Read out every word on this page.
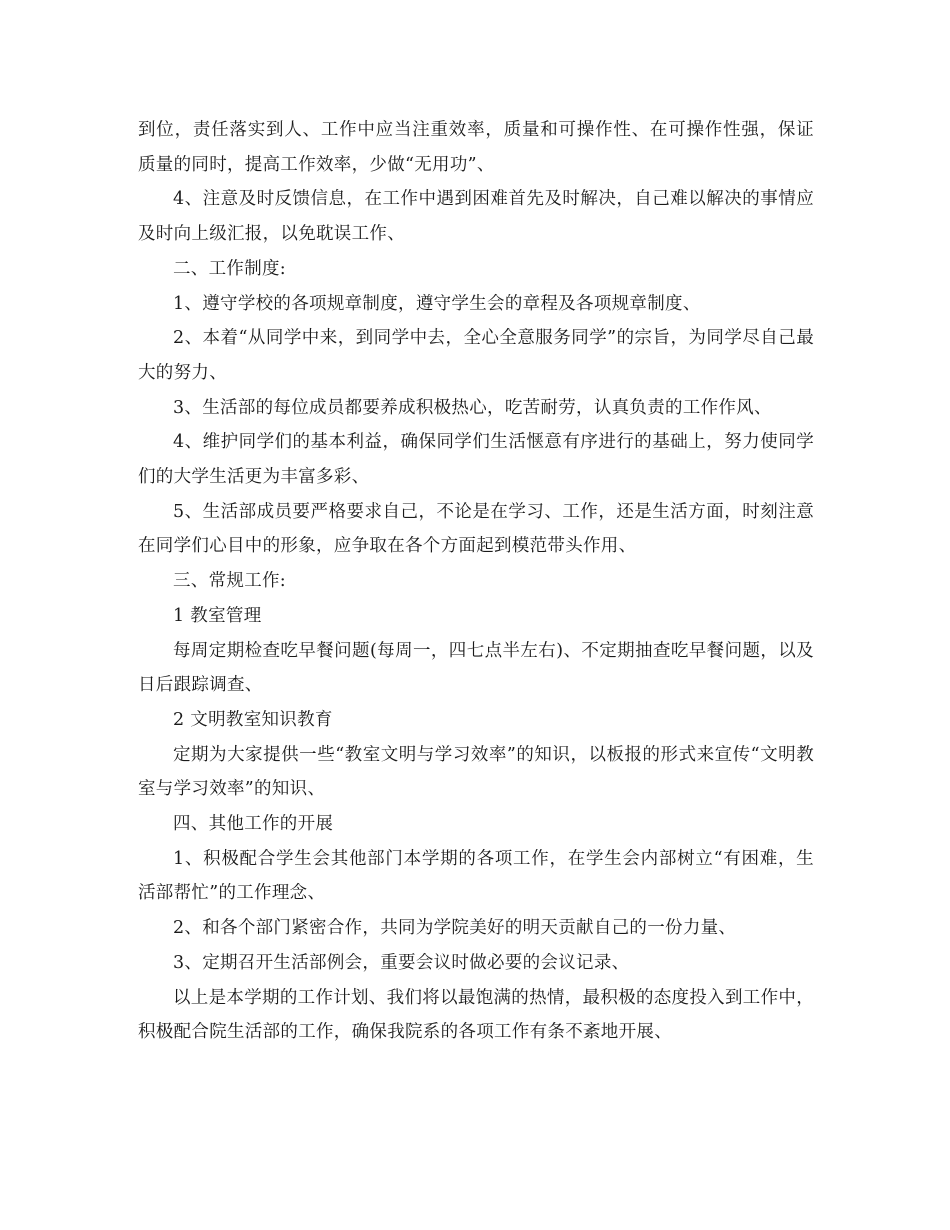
到位，责任落实到人、工作中应当注重效率，质量和可操作性、在可操作性强，保证质量的同时，提高工作效率，少做“无用功”、

4、注意及时反馈信息，在工作中遇到困难首先及时解决，自己难以解决的事情应及时向上级汇报，以免耽误工作、

二、工作制度:

1、遵守学校的各项规章制度，遵守学生会的章程及各项规章制度、

2、本着“从同学中来，到同学中去，全心全意服务同学”的宗旨，为同学尽自己最大的努力、

3、生活部的每位成员都要养成积极热心，吃苦耐劳，认真负责的工作作风、

4、维护同学们的基本利益，确保同学们生活惬意有序进行的基础上，努力使同学们的大学生活更为丰富多彩、

5、生活部成员要严格要求自己，不论是在学习、工作，还是生活方面，时刻注意在同学们心目中的形象，应争取在各个方面起到模范带头作用、

三、常规工作:

1 教室管理

每周定期检查吃早餐问题(每周一，四七点半左右)、不定期抽查吃早餐问题，以及日后跟踪调查、

2 文明教室知识教育

定期为大家提供一些“教室文明与学习效率”的知识，以板报的形式来宣传“文明教室与学习效率”的知识、

四、其他工作的开展

1、积极配合学生会其他部门本学期的各项工作，在学生会内部树立“有困难，生活部帮忙”的工作理念、

2、和各个部门紧密合作，共同为学院美好的明天贡献自己的一份力量、

3、定期召开生活部例会，重要会议时做必要的会议记录、

以上是本学期的工作计划、我们将以最饱满的热情，最积极的态度投入到工作中，积极配合院生活部的工作，确保我院系的各项工作有条不紊地开展、
